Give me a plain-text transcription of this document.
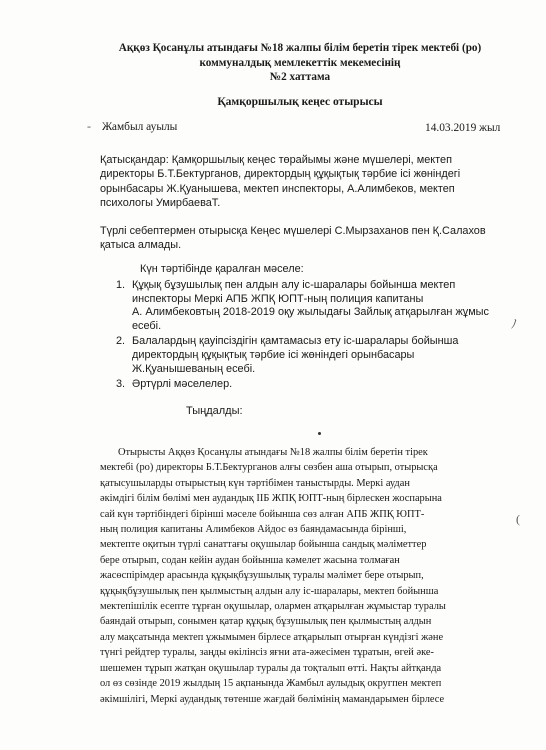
Аққөз Қосанұлы атындағы №18 жалпы білім беретін тірек мектебі (ро)
коммуналдық мемлекеттік мекемесінің
№2 хаттама
Қамқоршылық кеңес отырысы
Жамбыл ауылы	14.03.2019 жыл
Қатысқандар: Қамқоршылық кеңес төрайымы және мүшелері, мектеп
директоры Б.Т.Бектурганов, директордың құқықтық тәрбие ісі жөніндегі
орынбасары Ж.Қуанышева, мектеп инспекторы, А.Алимбеков, мектеп
психологы УмирбаеваТ.
Түрлі себептермен отырысқа Кеңес мүшелері С.Мырзаханов пен Қ.Салахов
қатыса алмады.
Күн тәртібінде қаралған мәселе:
1. Құқық бұзушылық пен алдын алу іс-шаралары бойынша мектеп
инспекторы Меркі АПБ ЖПҚ ЮПТ-ның полиция капитаны
А. Алимбековтың 2018-2019 оқу жылыдағы Зайлық атқарылған жұмыс
есебі.
2. Балалардың қауіпсіздігін қамтамасыз ету іс-шаралары бойынша
директордың құқықтық тәрбие ісі жөніндегі орынбасары
Ж.Қуанышеваның есебі.
3. Әртүрлі мәселелер.
Тыңдалды:
-
ﾉ
(
Отырысты Аққөз Қосанұлы атындағы №18 жалпы білім беретін тірек
мектебі (ро) директоры Б.Т.Бектурганов алғы сөзбен аша отырып, отырысқа
қатысушыларды отырыстың күн тәртібімен таныстырды. Меркі аудан
әкімдігі білім бөлімі мен аудандық ІІБ ЖПҚ ЮПТ-ның бірлескен жоспарына
сай күн тәртібіндегі бірінші мәселе бойынша сөз алған АПБ ЖПҚ ЮПТ-
ның полиция капитаны Алимбеков Айдос өз баяндамасында бірінші,
мектепте оқитын түрлі санаттағы оқушылар бойынша сандық мәліметтер
бере отырып, содан кейін аудан бойынша кәмелет жасына толмаған
жасөспірімдер арасында құқықбұзушылық туралы мәлімет бере отырып,
құқықбұзушылық пен қылмыстың алдын алу іс-шаралары, мектеп бойынша
мектепішілік есепте тұрған оқушылар, олармен атқарылған жұмыстар туралы
баяндай отырып, сонымен қатар құқық бұзушылық пен қылмыстың алдын
алу мақсатында мектеп ұжымымен бірлесе атқарылып отырған күндізгі және
түнгі рейдтер туралы, заңды өкілінсіз яғни ата-әжесімен тұратын, өгей әке-
шешемен тұрып жатқан оқушылар туралы да тоқталып өтті. Нақты айтқанда
ол өз сөзінде 2019 жылдың 15 ақпанында Жамбыл аулыдық округпен мектеп
әкімшілігі, Меркі аудандық төтенше жағдай бөлімінің мамандарымен бірлесе
